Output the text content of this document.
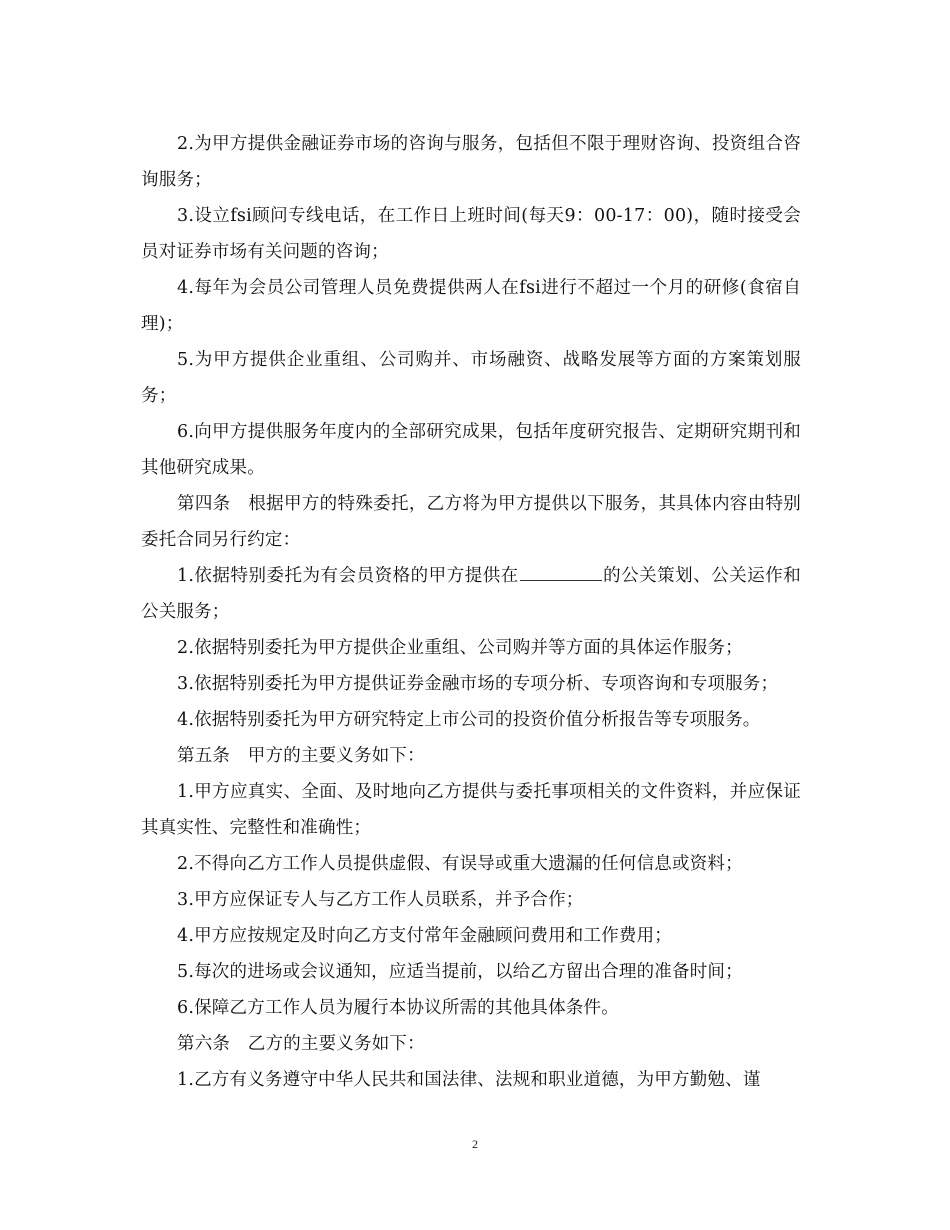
2.为甲方提供金融证券市场的咨询与服务，包括但不限于理财咨询、投资组合咨询服务；

3.设立fsi顾问专线电话，在工作日上班时间(每天9：00-17：00)，随时接受会员对证券市场有关问题的咨询；

4.每年为会员公司管理人员免费提供两人在fsi进行不超过一个月的研修(食宿自理)；

5.为甲方提供企业重组、公司购并、市场融资、战略发展等方面的方案策划服务；

6.向甲方提供服务年度内的全部研究成果，包括年度研究报告、定期研究期刊和其他研究成果。

第四条　根据甲方的特殊委托，乙方将为甲方提供以下服务，其具体内容由特别委托合同另行约定：

1.依据特别委托为有会员资格的甲方提供在	的公关策划、公关运作和公关服务；

2.依据特别委托为甲方提供企业重组、公司购并等方面的具体运作服务；

3.依据特别委托为甲方提供证券金融市场的专项分析、专项咨询和专项服务；

4.依据特别委托为甲方研究特定上市公司的投资价值分析报告等专项服务。

第五条　甲方的主要义务如下：

1.甲方应真实、全面、及时地向乙方提供与委托事项相关的文件资料，并应保证其真实性、完整性和准确性；

2.不得向乙方工作人员提供虚假、有误导或重大遗漏的任何信息或资料；

3.甲方应保证专人与乙方工作人员联系，并予合作；

4.甲方应按规定及时向乙方支付常年金融顾问费用和工作费用；

5.每次的进场或会议通知，应适当提前，以给乙方留出合理的准备时间；

6.保障乙方工作人员为履行本协议所需的其他具体条件。

第六条　乙方的主要义务如下：

1.乙方有义务遵守中华人民共和国法律、法规和职业道德，为甲方勤勉、谨

2
